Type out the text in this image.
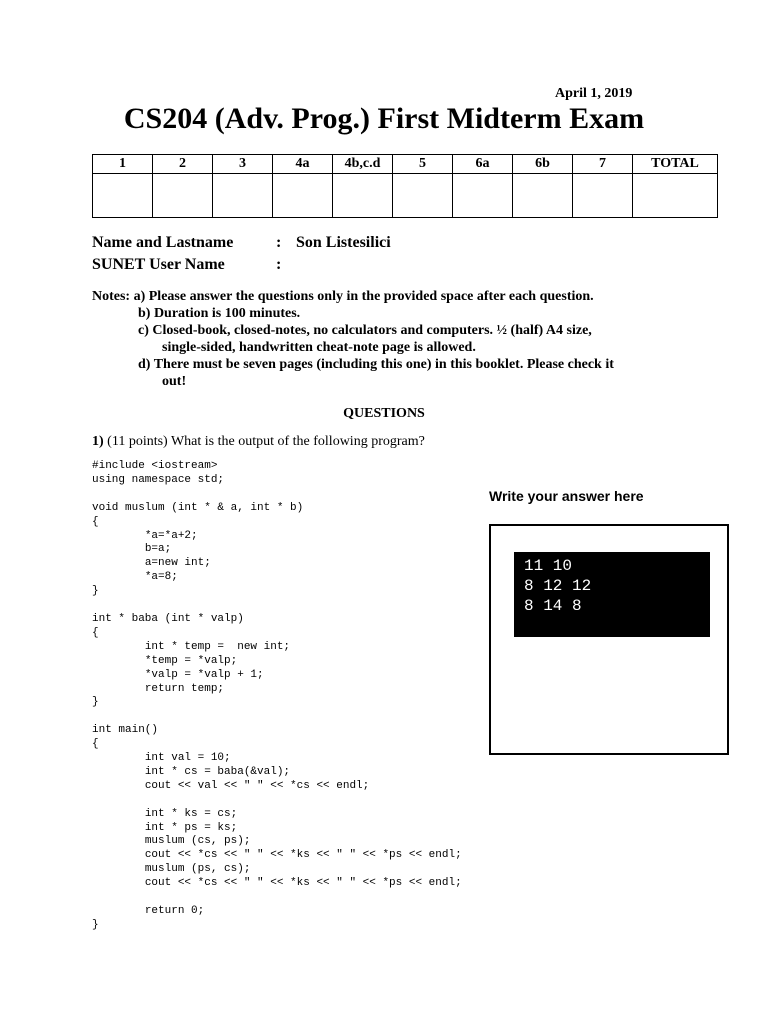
April 1, 2019
CS204 (Adv. Prog.) First Midterm Exam
1	2	3	4a	4b,c.d	5	6a	6b	7	TOTAL

Name and Lastname	: Son Listesilici
SUNET User Name	:
Notes: a) Please answer the questions only in the provided space after each question.
b) Duration is 100 minutes.
c) Closed-book, closed-notes, no calculators and computers. ½ (half) A4 size,
single-sided, handwritten cheat-note page is allowed.
d) There must be seven pages (including this one) in this booklet. Please check it
out!
QUESTIONS
1) (11 points) What is the output of the following program?
#include <iostream>
using namespace std;

void muslum (int * & a, int * b)
{
	*a=*a+2;
	b=a;
	a=new int;
	*a=8;
}

int * baba (int * valp)
{
	int * temp =  new int;
	*temp = *valp;
	*valp = *valp + 1;
	return temp;
}

int main()
{
	int val = 10;
	int * cs = baba(&val);
	cout << val << " " << *cs << endl;

	int * ks = cs;
	int * ps = ks;
	muslum (cs, ps);
	cout << *cs << " " << *ks << " " << *ps << endl;
	muslum (ps, cs);
	cout << *cs << " " << *ks << " " << *ps << endl;

	return 0;
}
Write your answer here
11 10
8 12 12
8 14 8
